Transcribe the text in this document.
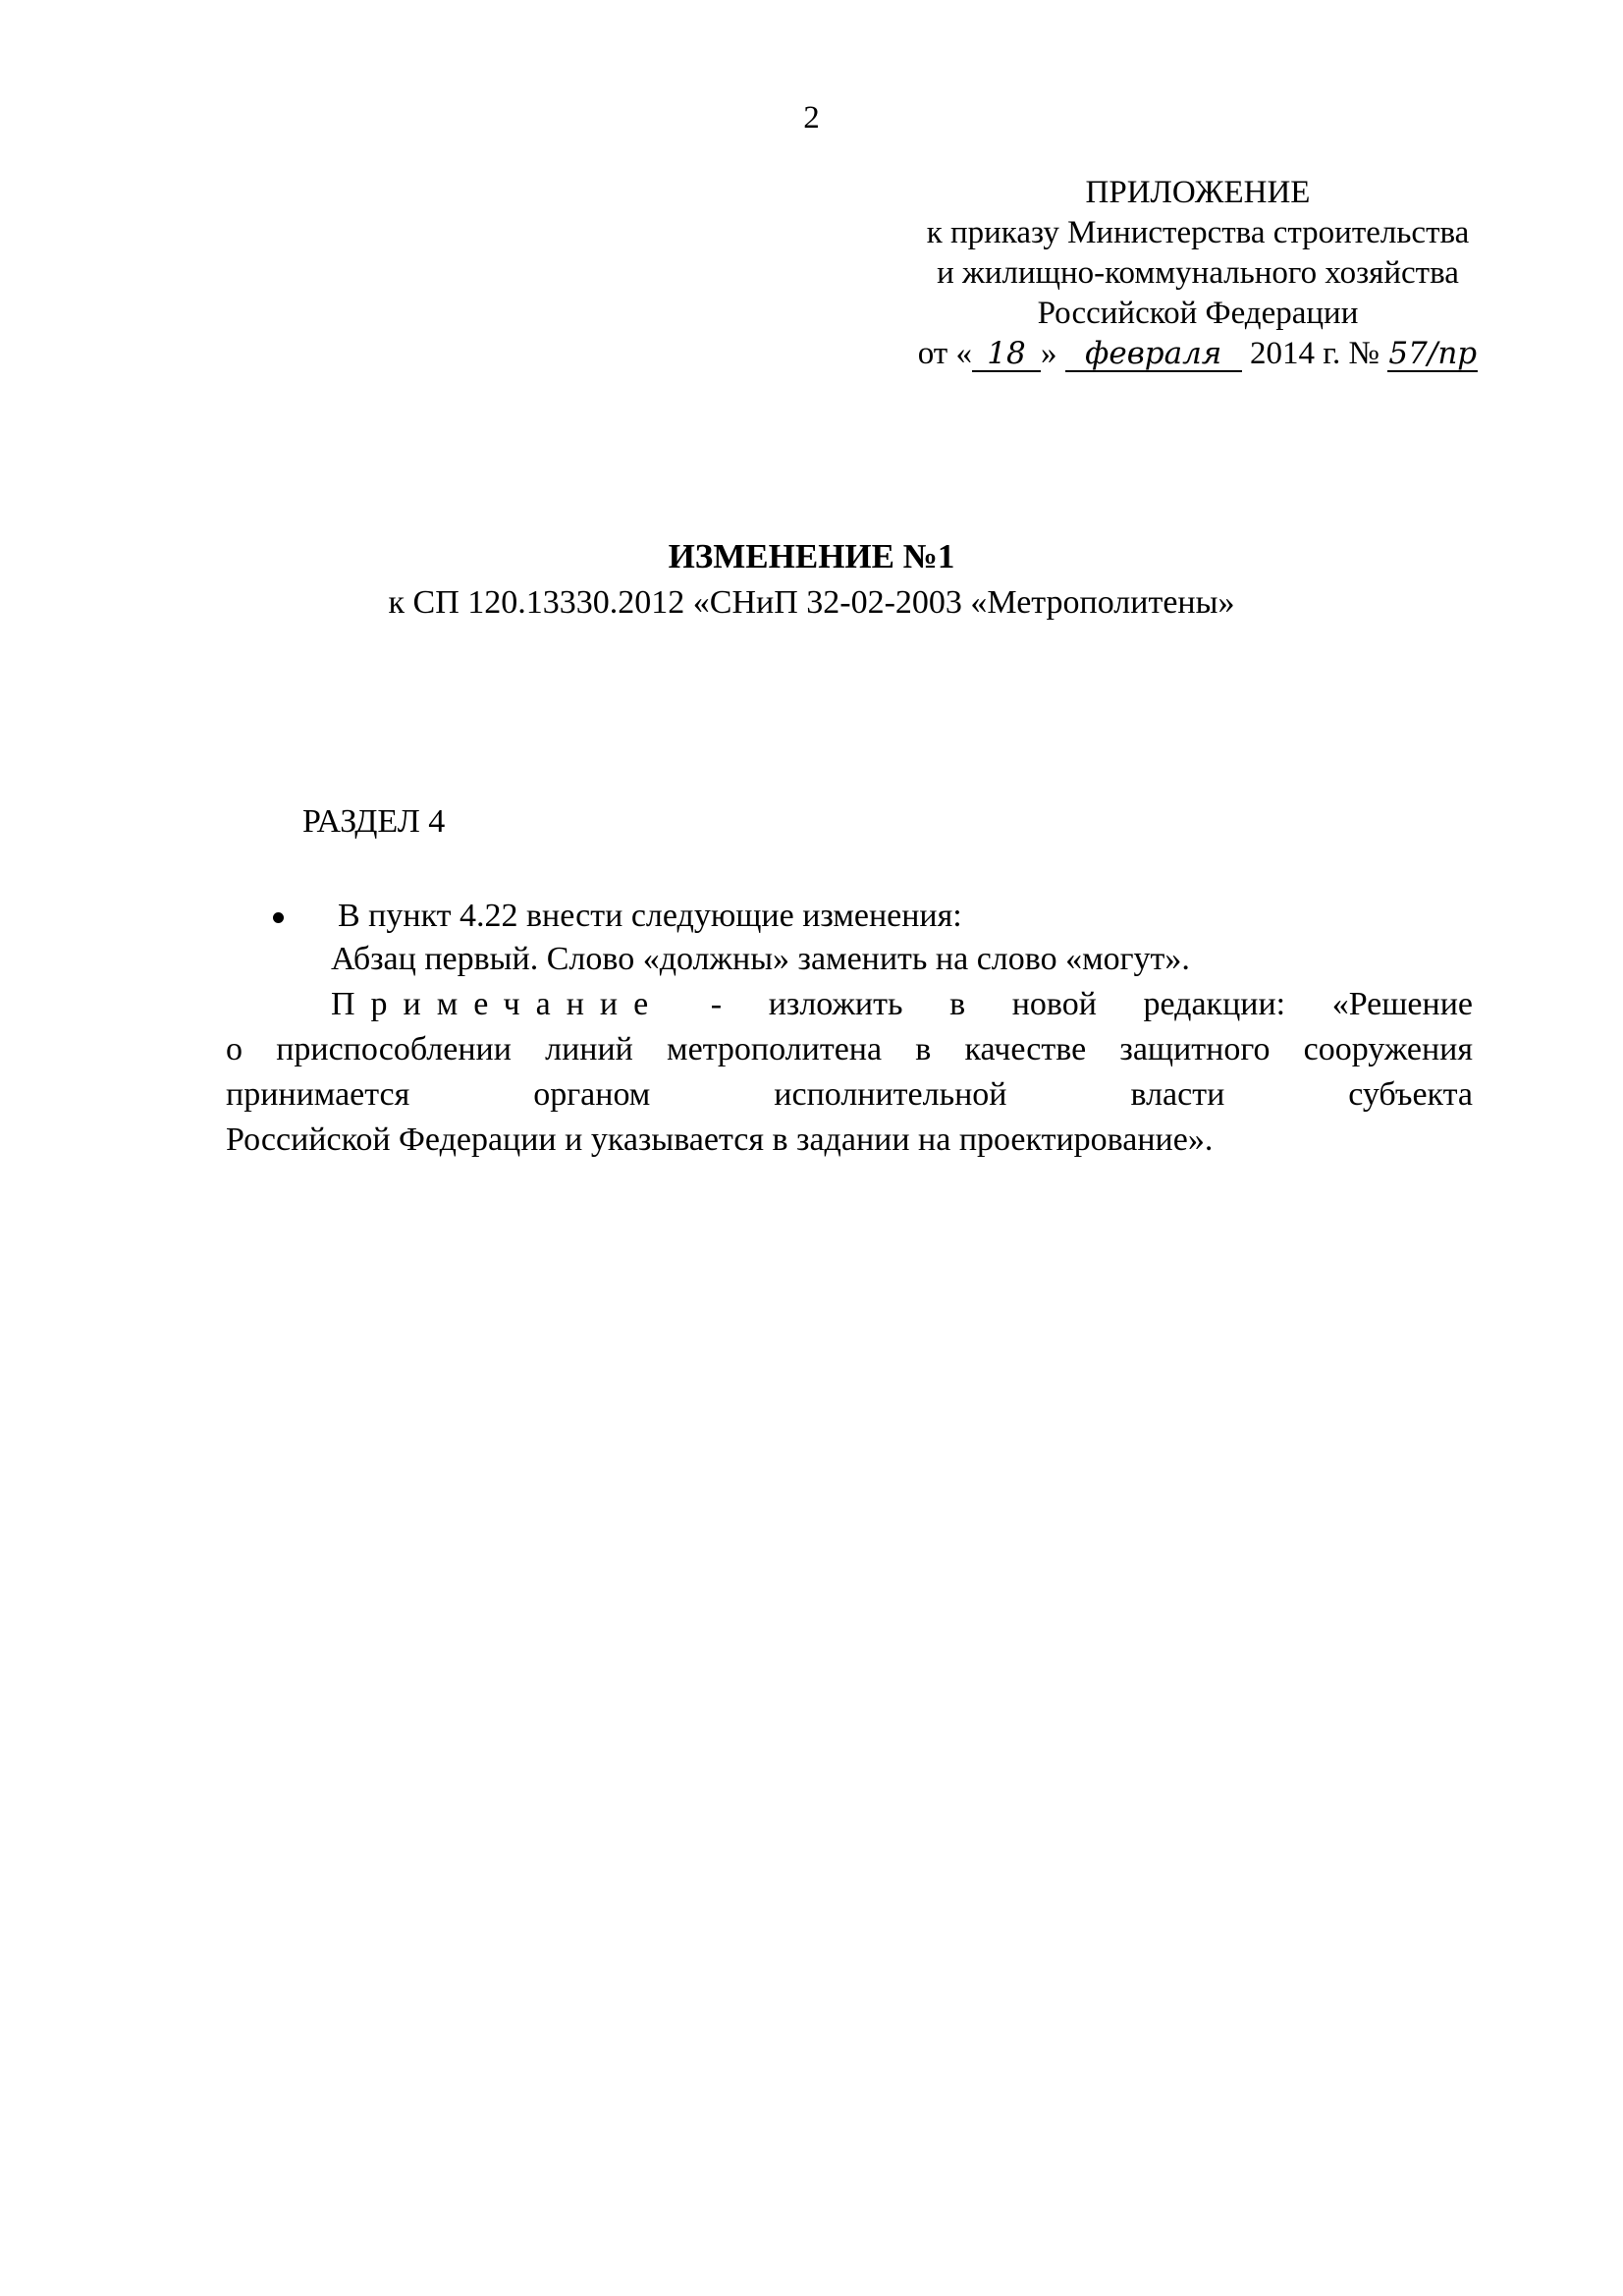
2
ПРИЛОЖЕНИЕ
к приказу Министерства строительства
и жилищно-коммунального хозяйства
Российской Федерации
от « 18 » февраля 2014 г. № 57/пр
ИЗМЕНЕНИЕ №1
к СП 120.13330.2012 «СНиП 32-02-2003 «Метрополитены»
РАЗДЕЛ 4
В пункт 4.22 внести следующие изменения:
Абзац первый. Слово «должны» заменить на слово «могут».
Примечание - изложить в новой редакции: «Решение
о приспособлении линий метрополитена в качестве защитного сооружения
принимается органом исполнительной власти субъекта
Российской Федерации и указывается в задании на проектирование».
